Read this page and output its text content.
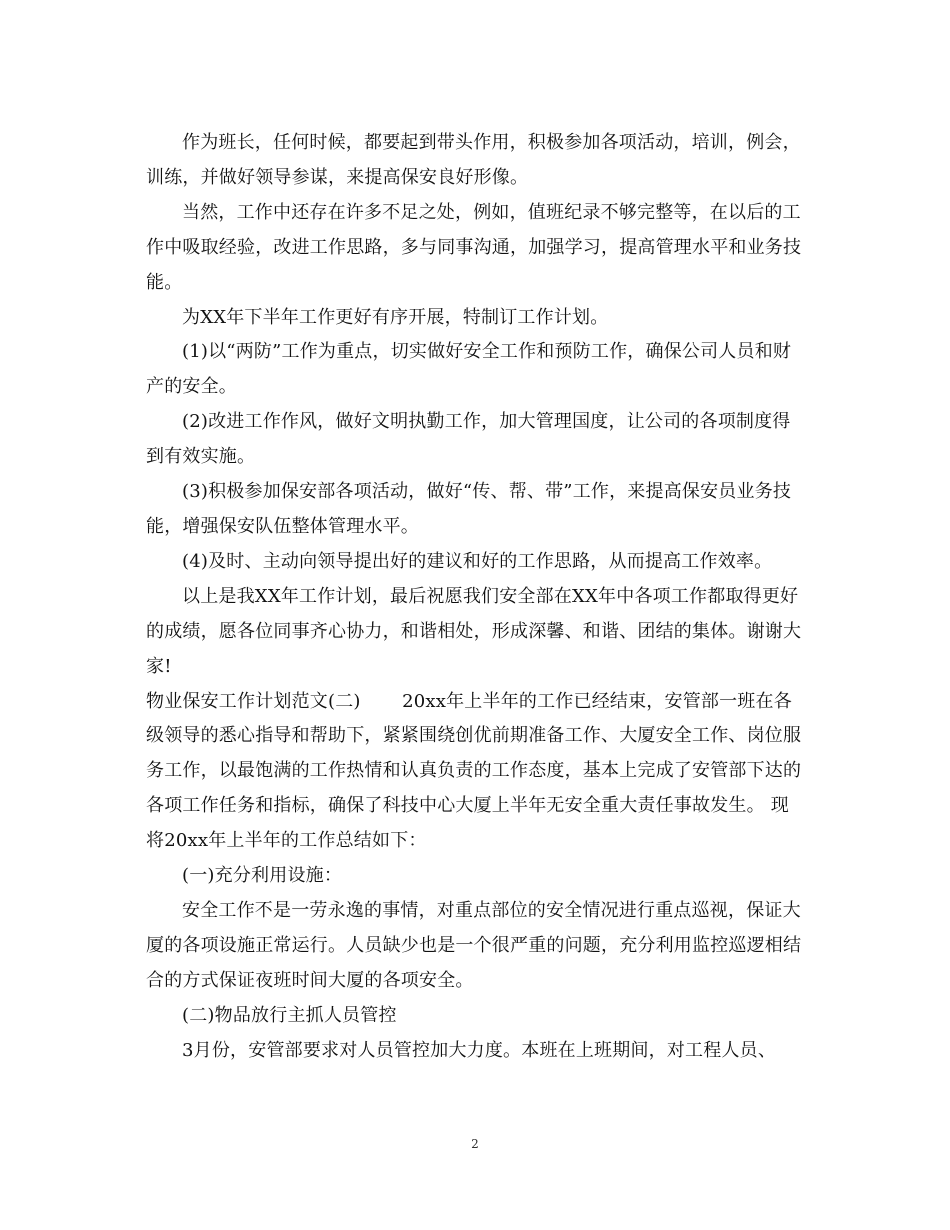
作为班长，任何时候，都要起到带头作用，积极参加各项活动，培训，例会，训练，并做好领导参谋，来提高保安良好形像。

当然，工作中还存在许多不足之处，例如，值班纪录不够完整等，在以后的工作中吸取经验，改进工作思路，多与同事沟通，加强学习，提高管理水平和业务技能。

为XX年下半年工作更好有序开展，特制订工作计划。

(1)以“两防”工作为重点，切实做好安全工作和预防工作，确保公司人员和财产的安全。

(2)改进工作作风，做好文明执勤工作，加大管理国度，让公司的各项制度得到有效实施。

(3)积极参加保安部各项活动，做好“传、帮、带”工作，来提高保安员业务技能，增强保安队伍整体管理水平。

(4)及时、主动向领导提出好的建议和好的工作思路，从而提高工作效率。

以上是我XX年工作计划，最后祝愿我们安全部在XX年中各项工作都取得更好的成绩，愿各位同事齐心协力，和谐相处，形成深馨、和谐、团结的集体。谢谢大家!

物业保安工作计划范文(二)       20xx年上半年的工作已经结束，安管部一班在各级领导的悉心指导和帮助下，紧紧围绕创优前期准备工作、大厦安全工作、岗位服务工作，以最饱满的工作热情和认真负责的工作态度，基本上完成了安管部下达的各项工作任务和指标，确保了科技中心大厦上半年无安全重大责任事故发生。 现将20xx年上半年的工作总结如下：

(一)充分利用设施：

安全工作不是一劳永逸的事情，对重点部位的安全情况进行重点巡视，保证大厦的各项设施正常运行。人员缺少也是一个很严重的问题，充分利用监控巡逻相结合的方式保证夜班时间大厦的各项安全。

(二)物品放行主抓人员管控

3月份，安管部要求对人员管控加大力度。本班在上班期间，对工程人员、

2
